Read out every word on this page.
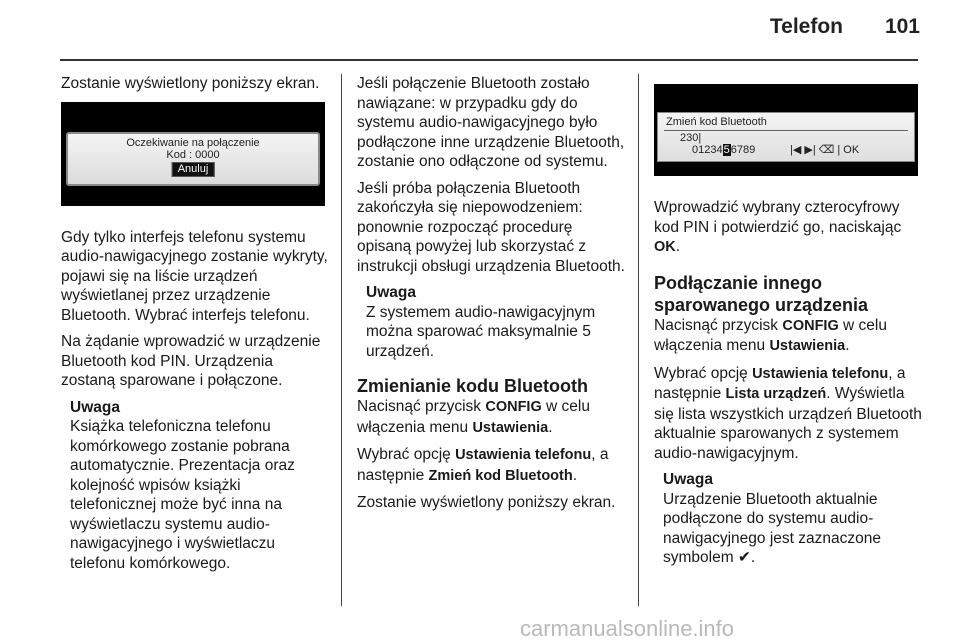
Telefon 101

Zostanie wyświetlony poniższy ekran.

Oczekiwanie na połączenie
Kod : 0000
Anuluj

Gdy tylko interfejs telefonu systemu audio-nawigacyjnego zostanie wykryty, pojawi się na liście urządzeń wyświetlanej przez urządzenie Bluetooth. Wybrać interfejs telefonu.

Na żądanie wprowadzić w urządzenie Bluetooth kod PIN. Urządzenia zostaną sparowane i połączone.

Uwaga
Książka telefoniczna telefonu komórkowego zostanie pobrana automatycznie. Prezentacja oraz kolejność wpisów książki telefonicznej może być inna na wyświetlaczu systemu audio-nawigacyjnego i wyświetlaczu telefonu komórkowego.

Jeśli połączenie Bluetooth zostało nawiązane: w przypadku gdy do systemu audio-nawigacyjnego było podłączone inne urządzenie Bluetooth, zostanie ono odłączone od systemu.

Jeśli próba połączenia Bluetooth zakończyła się niepowodzeniem: ponownie rozpocząć procedurę opisaną powyżej lub skorzystać z instrukcji obsługi urządzenia Bluetooth.

Uwaga
Z systemem audio-nawigacyjnym można sparować maksymalnie 5 urządzeń.
Zmienianie kodu Bluetooth

Nacisnąć przycisk CONFIG w celu włączenia menu Ustawienia.

Wybrać opcję Ustawienia telefonu, a następnie Zmień kod Bluetooth.

Zostanie wyświetlony poniższy ekran.

Zmień kod Bluetooth
230|
0123456789	|◀ ▶| ⌫ | OK

Wprowadzić wybrany czterocyfrowy kod PIN i potwierdzić go, naciskając OK.

Podłączanie innego sparowanego urządzenia

Nacisnąć przycisk CONFIG w celu włączenia menu Ustawienia.

Wybrać opcję Ustawienia telefonu, a następnie Lista urządzeń. Wyświetla się lista wszystkich urządzeń Bluetooth aktualnie sparowanych z systemem audio-nawigacyjnym.

Uwaga
Urządzenie Bluetooth aktualnie podłączone do systemu audio-nawigacyjnego jest zaznaczone symbolem ✔.
carmanualsonline.info
